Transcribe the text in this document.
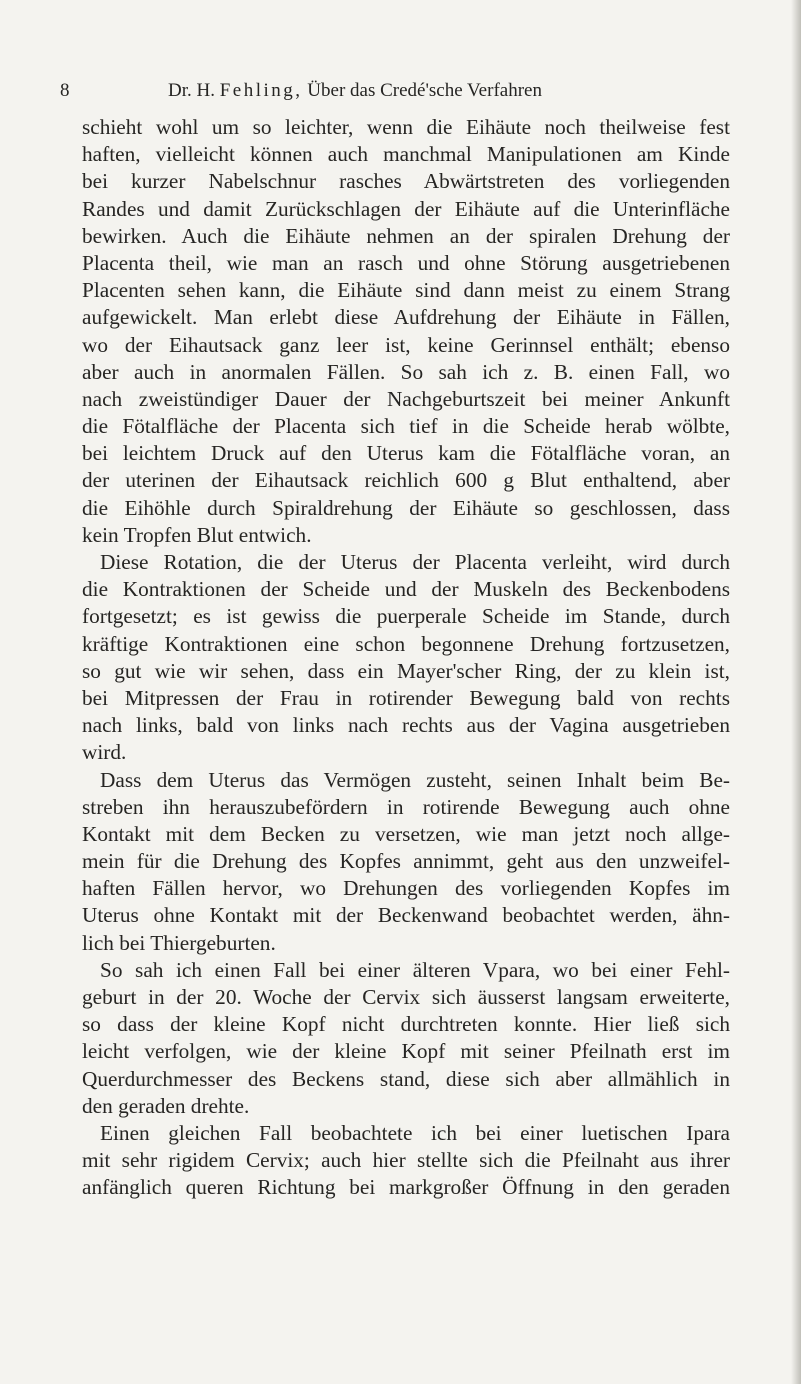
8	Dr. H. Fehling, Über das Credé'sche Verfahren
schieht wohl um so leichter, wenn die Eihäute noch theilweise fest
haften, vielleicht können auch manchmal Manipulationen am Kinde
bei kurzer Nabelschnur rasches Abwärtstreten des vorliegenden
Randes und damit Zurückschlagen der Eihäute auf die Unterinfläche
bewirken. Auch die Eihäute nehmen an der spiralen Drehung der
Placenta theil, wie man an rasch und ohne Störung ausgetriebenen
Placenten sehen kann, die Eihäute sind dann meist zu einem Strang
aufgewickelt. Man erlebt diese Aufdrehung der Eihäute in Fällen,
wo der Eihautsack ganz leer ist, keine Gerinnsel enthält; ebenso
aber auch in anormalen Fällen. So sah ich z. B. einen Fall, wo
nach zweistündiger Dauer der Nachgeburtszeit bei meiner Ankunft
die Fötalfläche der Placenta sich tief in die Scheide herab wölbte,
bei leichtem Druck auf den Uterus kam die Fötalfläche voran, an
der uterinen der Eihautsack reichlich 600 g Blut enthaltend, aber
die Eihöhle durch Spiraldrehung der Eihäute so geschlossen, dass
kein Tropfen Blut entwich.
Diese Rotation, die der Uterus der Placenta verleiht, wird durch
die Kontraktionen der Scheide und der Muskeln des Beckenbodens
fortgesetzt; es ist gewiss die puerperale Scheide im Stande, durch
kräftige Kontraktionen eine schon begonnene Drehung fortzusetzen,
so gut wie wir sehen, dass ein Mayer'scher Ring, der zu klein ist,
bei Mitpressen der Frau in rotirender Bewegung bald von rechts
nach links, bald von links nach rechts aus der Vagina ausgetrieben
wird.
Dass dem Uterus das Vermögen zusteht, seinen Inhalt beim Be-
streben ihn herauszubefördern in rotirende Bewegung auch ohne
Kontakt mit dem Becken zu versetzen, wie man jetzt noch allge-
mein für die Drehung des Kopfes annimmt, geht aus den unzweifel-
haften Fällen hervor, wo Drehungen des vorliegenden Kopfes im
Uterus ohne Kontakt mit der Beckenwand beobachtet werden, ähn-
lich bei Thiergeburten.
So sah ich einen Fall bei einer älteren Vpara, wo bei einer Fehl-
geburt in der 20. Woche der Cervix sich äusserst langsam erweiterte,
so dass der kleine Kopf nicht durchtreten konnte. Hier ließ sich
leicht verfolgen, wie der kleine Kopf mit seiner Pfeilnath erst im
Querdurchmesser des Beckens stand, diese sich aber allmählich in
den geraden drehte.
Einen gleichen Fall beobachtete ich bei einer luetischen Ipara
mit sehr rigidem Cervix; auch hier stellte sich die Pfeilnaht aus ihrer
anfänglich queren Richtung bei markgroßer Öffnung in den geraden
